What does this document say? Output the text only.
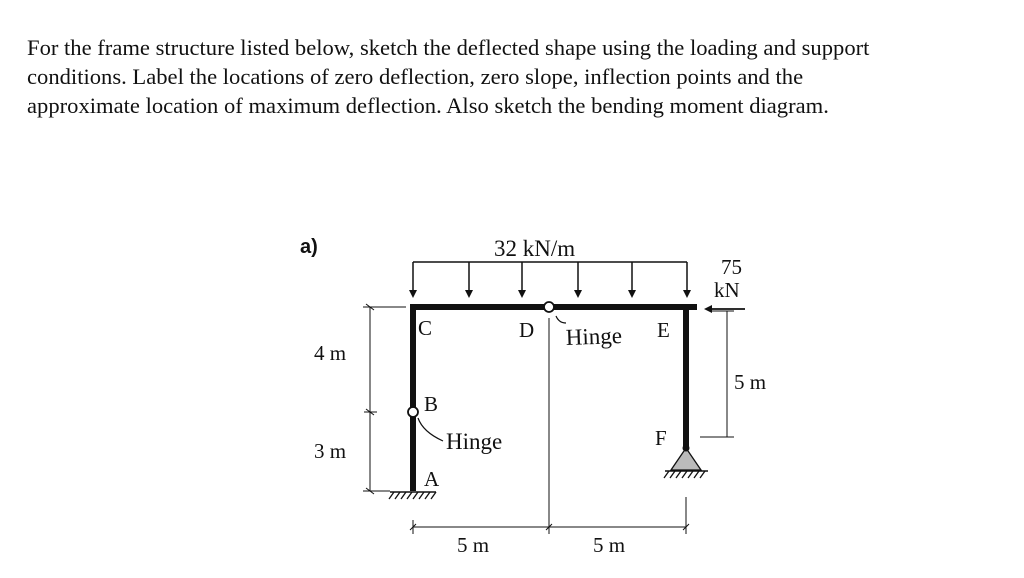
For the frame structure listed below, sketch the deflected shape using the loading and support
conditions. Label the locations of zero deflection, zero slope, inflection points and the
approximate location of maximum deflection. Also sketch the bending moment diagram.
a)	32 kN/m
75
kN
C	D	E
B
A
F
Hinge
Hinge
4 m
3 m
5 m
5 m	5 m
